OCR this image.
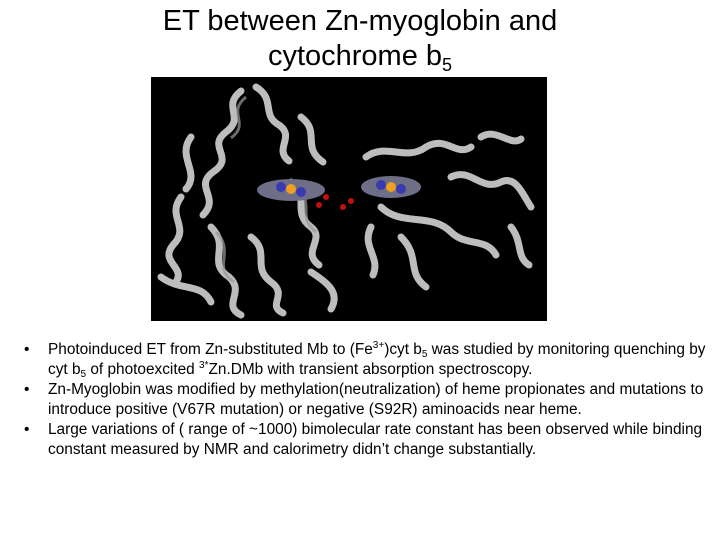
ET between Zn-myoglobin and
cytochrome $b_5$
• Photoinduced ET from Zn-substituted Mb to $(Fe^{3+})cyt$ $b_5$ was studied by monitoring quenching by cyt $b_5$ of photoexcited $^{3*}$Zn.DMb with transient absorption spectroscopy.
• Zn-Myoglobin was modified by methylation(neutralization) of heme propionates and mutations to introduce positive (V67R mutation) or negative (S92R) aminoacids near heme.
• Large variations of ( range of ~1000) bimolecular rate constant has been observed while binding constant measured by NMR and calorimetry didn’t change substantially.
